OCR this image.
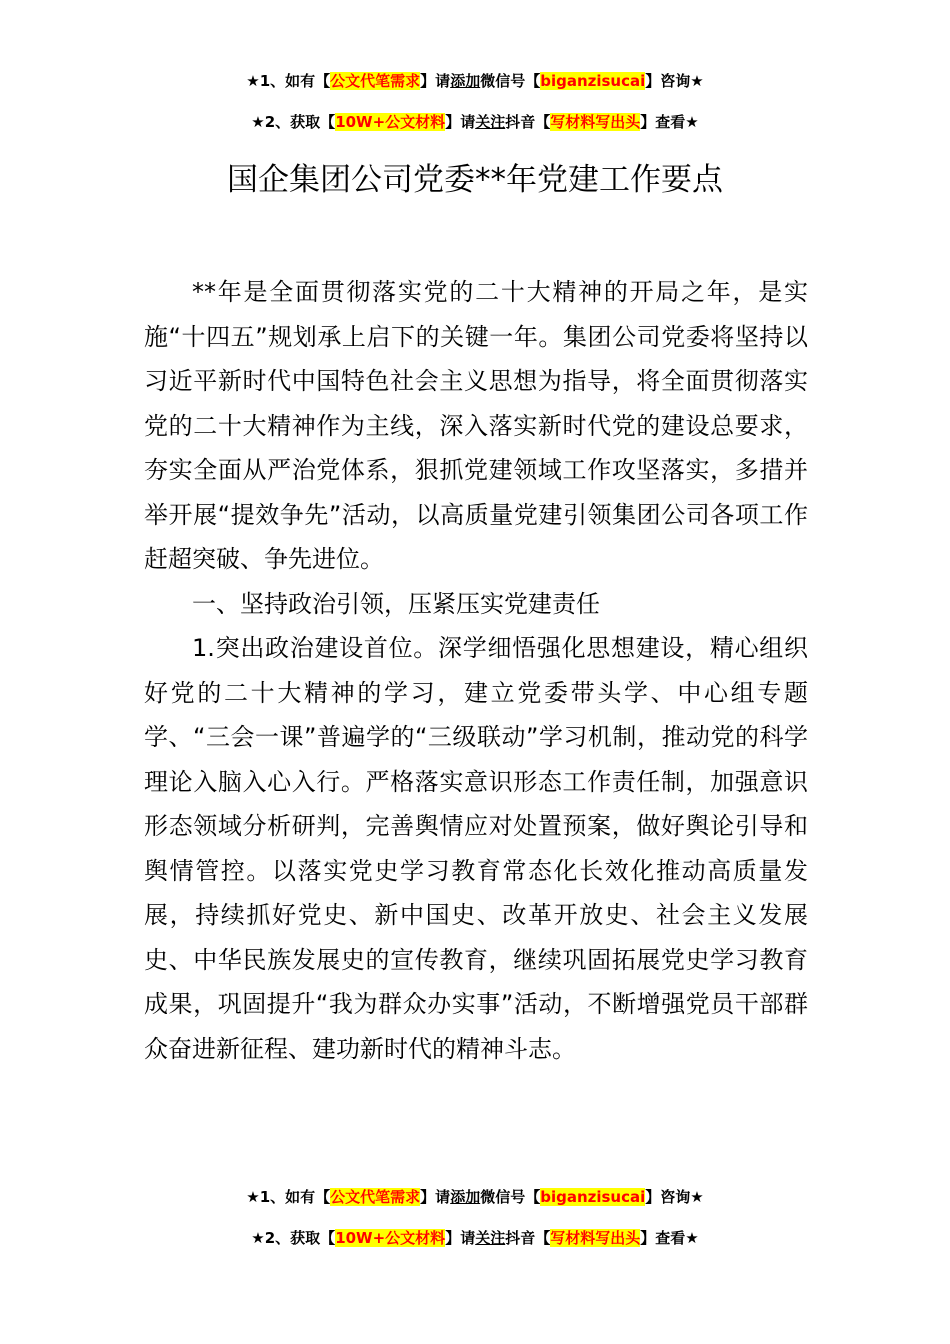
★1、如有【公文代笔需求】请添加微信号【biganzisucai】咨询★
★2、获取【10W+公文材料】请关注抖音【写材料写出头】查看★
国企集团公司党委**年党建工作要点

**年是全面贯彻落实党的二十大精神的开局之年，是实施“十四五”规划承上启下的关键一年。集团公司党委将坚持以习近平新时代中国特色社会主义思想为指导，将全面贯彻落实党的二十大精神作为主线，深入落实新时代党的建设总要求，夯实全面从严治党体系，狠抓党建领域工作攻坚落实，多措并举开展“提效争先”活动，以高质量党建引领集团公司各项工作赶超突破、争先进位。

一、坚持政治引领，压紧压实党建责任

1.突出政治建设首位。深学细悟强化思想建设，精心组织好党的二十大精神的学习，建立党委带头学、中心组专题学、“三会一课”普遍学的“三级联动”学习机制，推动党的科学理论入脑入心入行。严格落实意识形态工作责任制，加强意识形态领域分析研判，完善舆情应对处置预案，做好舆论引导和舆情管控。以落实党史学习教育常态化长效化推动高质量发展，持续抓好党史、新中国史、改革开放史、社会主义发展史、中华民族发展史的宣传教育，继续巩固拓展党史学习教育成果，巩固提升“我为群众办实事”活动，不断增强党员干部群众奋进新征程、建功新时代的精神斗志。

★1、如有【公文代笔需求】请添加微信号【biganzisucai】咨询★
★2、获取【10W+公文材料】请关注抖音【写材料写出头】查看★
